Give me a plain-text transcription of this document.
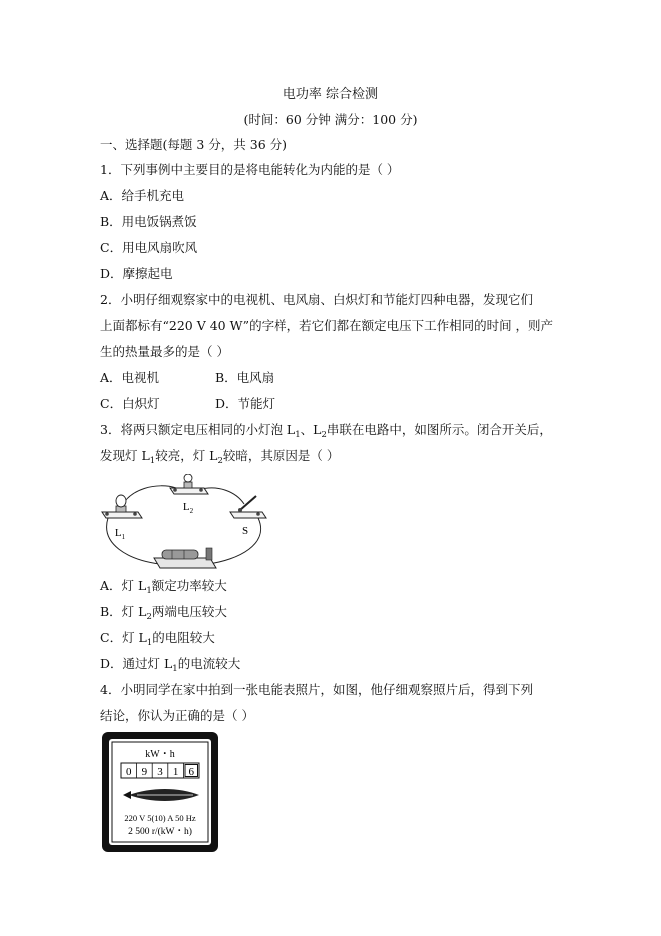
电功率 综合检测
(时间：60 分钟 满分：100 分)
一、选择题(每题 3 分，共 36 分)
1．下列事例中主要目的是将电能转化为内能的是（ ）
A．给手机充电
B．用电饭锅煮饭
C．用电风扇吹风
D．摩擦起电
2．小明仔细观察家中的电视机、电风扇、白炽灯和节能灯四种电器，发现它们
上面都标有“220 V 40 W”的字样，若它们都在额定电压下工作相同的时间 ，则产
生的热量最多的是（ ）
A．电视机	B．电风扇
C．白炽灯	D．节能灯
3．将两只额定电压相同的小灯泡 $L_1$、$L_2$串联在电路中，如图所示。闭合开关后，
发现灯 $L_1$较亮，灯 $L_2$较暗，其原因是（ ）
$L_1$
$L_2$
S
A．灯 $L_1$额定功率较大
B．灯 $L_2$两端电压较大
C．灯 $L_1$的电阻较大
D．通过灯 $L_1$的电流较大
4．小明同学在家中拍到一张电能表照片，如图，他仔细观察照片后，得到下列
结论，你认为正确的是（ ）
kW・h
0 9 3 1 6
220 V 5(10) A 50 Hz
2 500 r/(kW・h)
